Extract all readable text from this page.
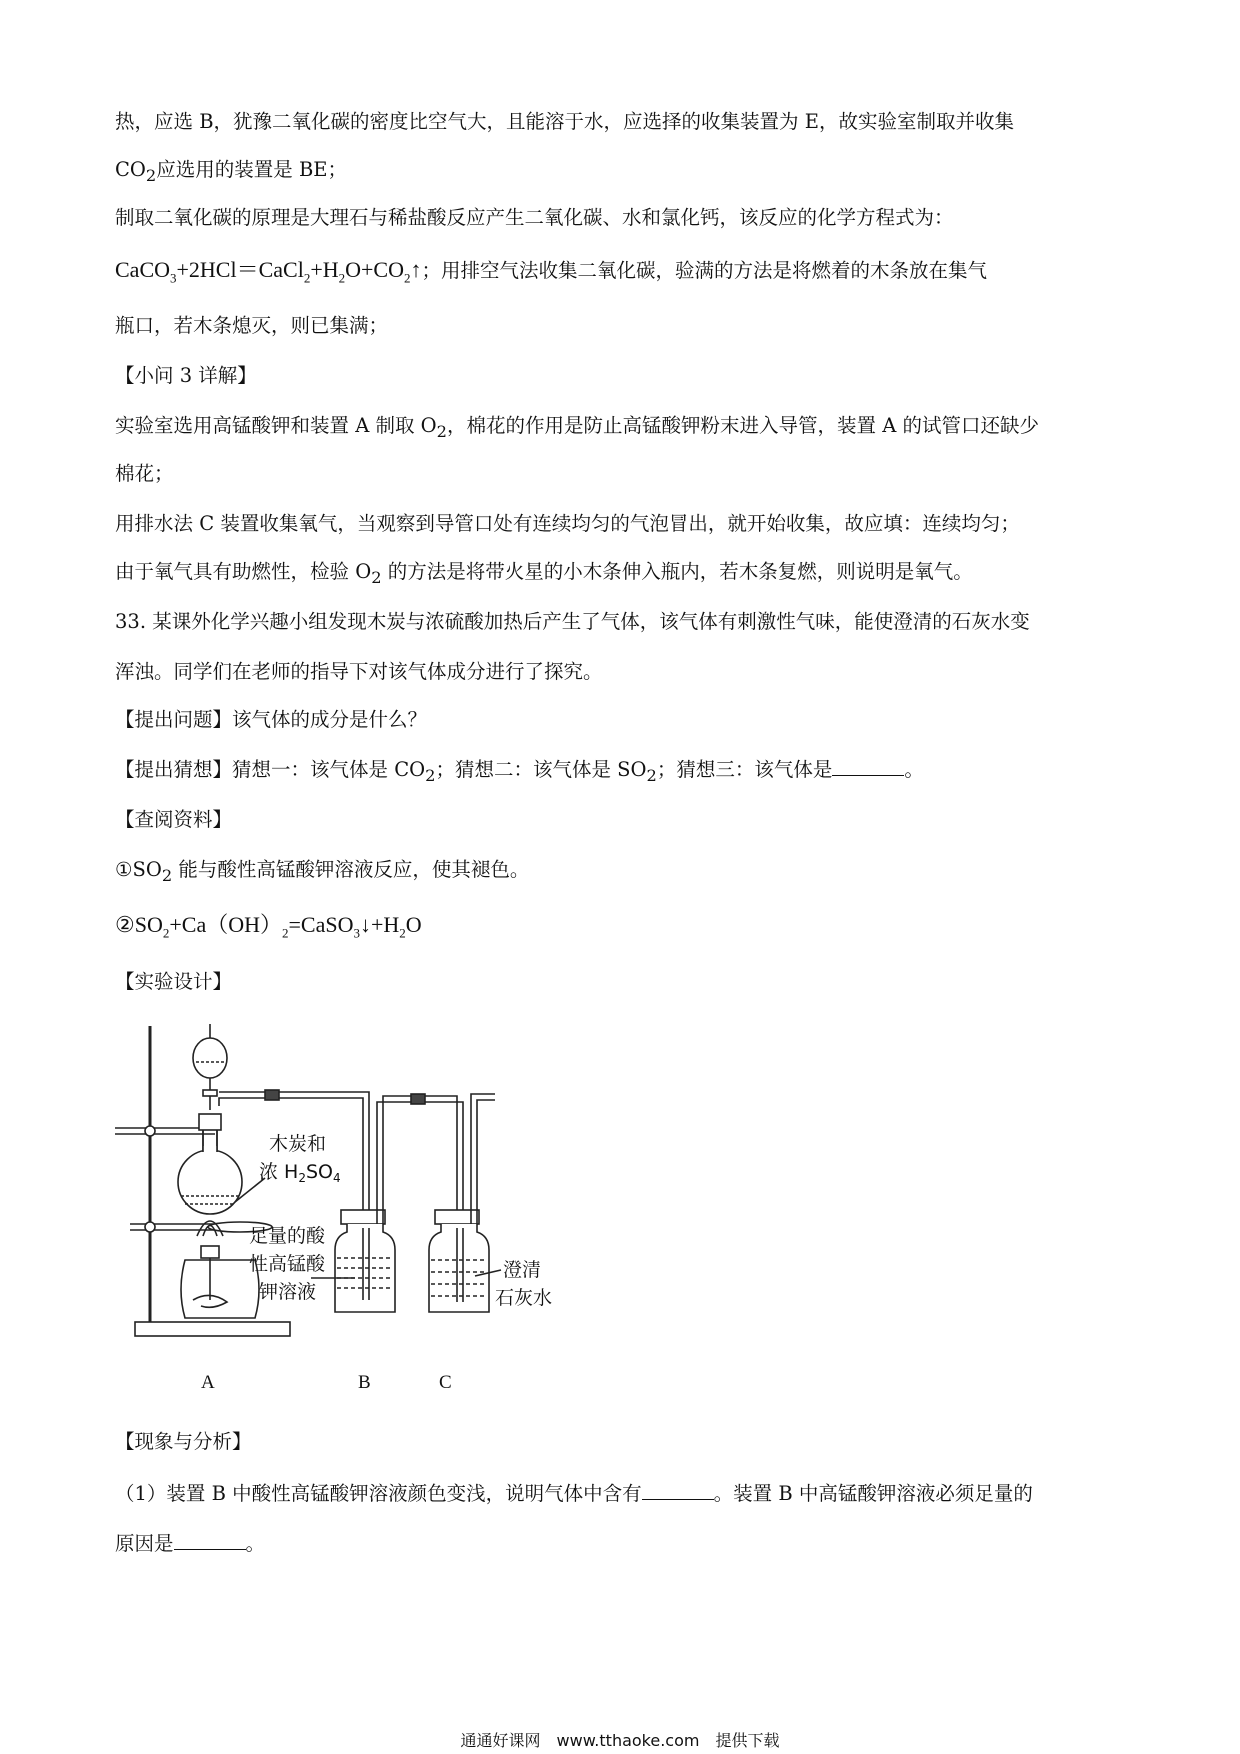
热，应选 B，犹豫二氧化碳的密度比空气大，且能溶于水，应选择的收集装置为 E，故实验室制取并收集
$CO_2$应选用的装置是 BE；
制取二氧化碳的原理是大理石与稀盐酸反应产生二氧化碳、水和氯化钙，该反应的化学方程式为：
$CaCO_3+2HCl=CaCl_2+H_2O+CO_2↑$；用排空气法收集二氧化碳，验满的方法是将燃着的木条放在集气
瓶口，若木条熄灭，则已集满；
【小问 3 详解】
实验室选用高锰酸钾和装置 A 制取 $O_2$，棉花的作用是防止高锰酸钾粉末进入导管，装置 A 的试管口还缺少
棉花；
用排水法 C 装置收集氧气，当观察到导管口处有连续均匀的气泡冒出，就开始收集，故应填：连续均匀；
由于氧气具有助燃性，检验 $O_2$ 的方法是将带火星的小木条伸入瓶内，若木条复燃，则说明是氧气。
33. 某课外化学兴趣小组发现木炭与浓硫酸加热后产生了气体，该气体有刺激性气味，能使澄清的石灰水变
浑浊。同学们在老师的指导下对该气体成分进行了探究。
【提出问题】该气体的成分是什么？
【提出猜想】猜想一：该气体是 $CO_2$；猜想二：该气体是 $SO_2$；猜想三：该气体是	。
【查阅资料】
$①SO_2$ 能与酸性高锰酸钾溶液反应，使其褪色。
$②SO_2+Ca(OH)_2=CaSO_3↓+H_2O$
【实验设计】
木炭和
浓 $H_2SO_4$
足量的酸
性高锰酸
钾溶液
澄清
石灰水
A	B	C
【现象与分析】
（1）装置 B 中酸性高锰酸钾溶液颜色变浅，说明气体中含有	。装置 B 中高锰酸钾溶液必须足量的
原因是	。
通通好课网　www.tthaoke.com　提供下载
